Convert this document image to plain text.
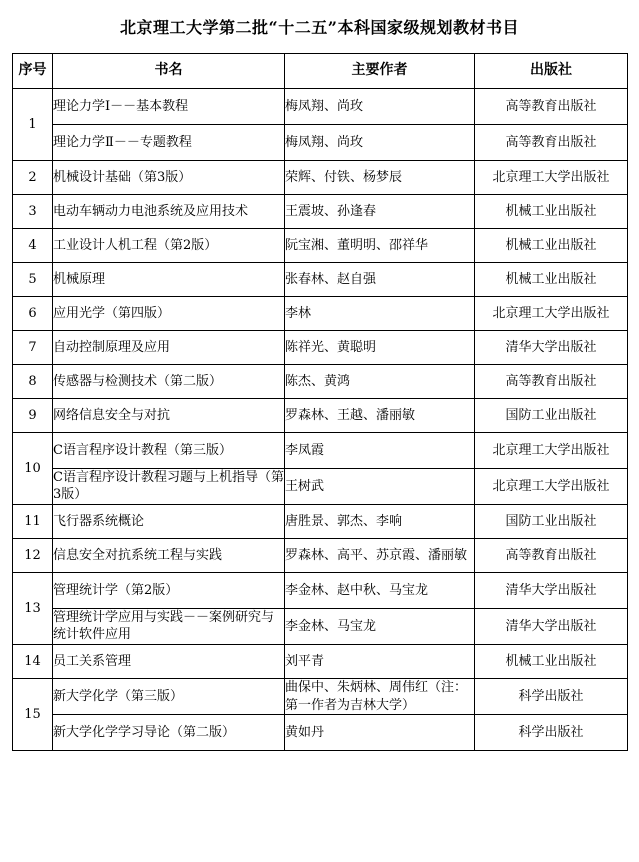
北京理工大学第二批“十二五”本科国家级规划教材书目
序号	书名	主要作者	出版社
1	理论力学Ⅰ－－基本教程	梅凤翔、尚玫	高等教育出版社
	理论力学Ⅱ－－专题教程	梅凤翔、尚玫	高等教育出版社
2	机械设计基础（第3版）	荣辉、付铁、杨梦辰	北京理工大学出版社
3	电动车辆动力电池系统及应用技术	王震坡、孙逢春	机械工业出版社
4	工业设计人机工程（第2版）	阮宝湘、董明明、邵祥华	机械工业出版社
5	机械原理	张春林、赵自强	机械工业出版社
6	应用光学（第四版）	李林	北京理工大学出版社
7	自动控制原理及应用	陈祥光、黄聪明	清华大学出版社
8	传感器与检测技术（第二版）	陈杰、黄鸿	高等教育出版社
9	网络信息安全与对抗	罗森林、王越、潘丽敏	国防工业出版社
10	C语言程序设计教程（第三版）	李凤霞	北京理工大学出版社
	C语言程序设计教程习题与上机指导（第3版）	王树武	北京理工大学出版社
11	飞行器系统概论	唐胜景、郭杰、李响	国防工业出版社
12	信息安全对抗系统工程与实践	罗森林、高平、苏京霞、潘丽敏	高等教育出版社
13	管理统计学（第2版）	李金林、赵中秋、马宝龙	清华大学出版社
	管理统计学应用与实践－－案例研究与统计软件应用	李金林、马宝龙	清华大学出版社
14	员工关系管理	刘平青	机械工业出版社
15	新大学化学（第三版）	曲保中、朱炳林、周伟红（注：第一作者为吉林大学）	科学出版社
	新大学化学学习导论（第二版）	黄如丹	科学出版社
